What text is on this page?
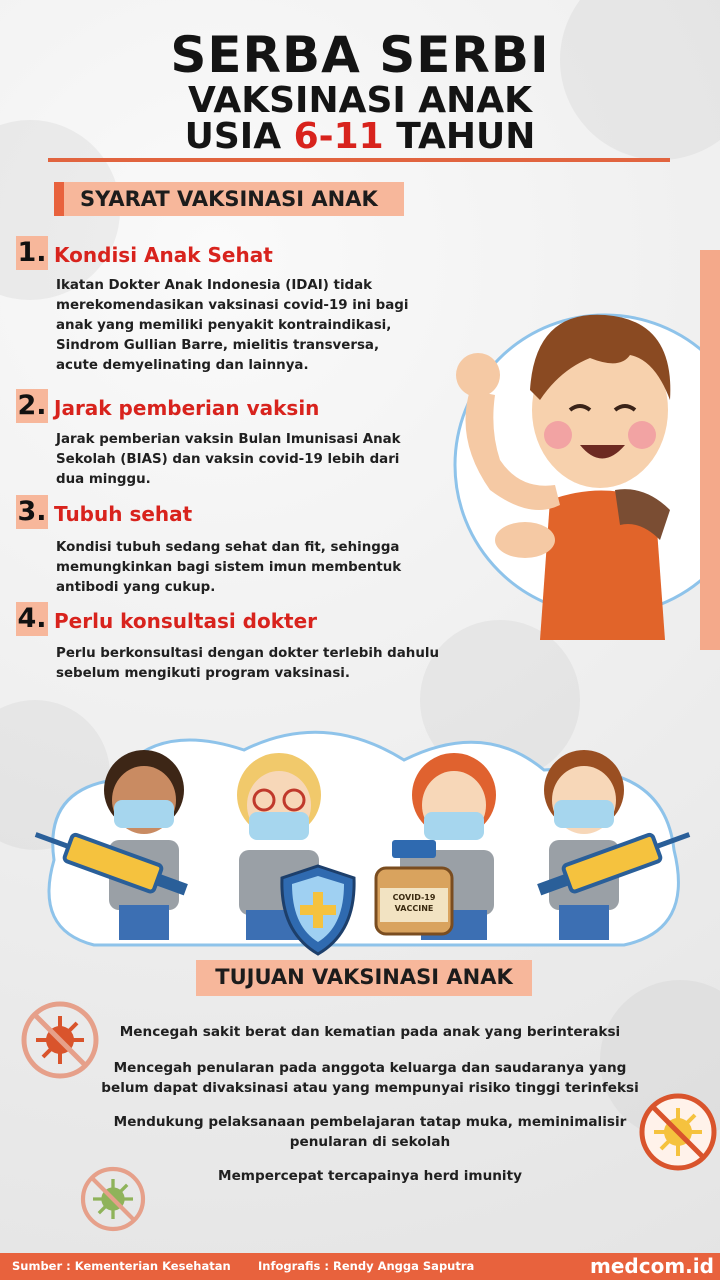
SERBA SERBI
VAKSINASI ANAK
USIA 6-11 TAHUN
SYARAT VAKSINASI ANAK
1. Kondisi Anak Sehat
Ikatan Dokter Anak Indonesia (IDAI) tidak
merekomendasikan vaksinasi covid-19 ini bagi
anak yang memiliki penyakit kontraindikasi,
Sindrom Gullian Barre, mielitis transversa,
acute demyelinating dan lainnya.
2. Jarak pemberian vaksin
Jarak pemberian vaksin Bulan Imunisasi Anak
Sekolah (BIAS) dan vaksin covid-19 lebih dari
dua minggu.
3. Tubuh sehat
Kondisi tubuh sedang sehat dan fit, sehingga
memungkinkan bagi sistem imun membentuk
antibodi yang cukup.
4. Perlu konsultasi dokter
Perlu berkonsultasi dengan dokter terlebih dahulu
sebelum mengikuti program vaksinasi.
COVID-19
VACCINE
TUJUAN VAKSINASI ANAK
Mencegah sakit berat dan kematian pada anak yang berinteraksi
Mencegah penularan pada anggota keluarga dan saudaranya yang
belum dapat divaksinasi atau yang mempunyai risiko tinggi terinfeksi
Mendukung pelaksanaan pembelajaran tatap muka, meminimalisir
penularan di sekolah
Mempercepat tercapainya herd imunity
Sumber : Kementerian Kesehatan Infografis : Rendy Angga Saputra	medcom.id
